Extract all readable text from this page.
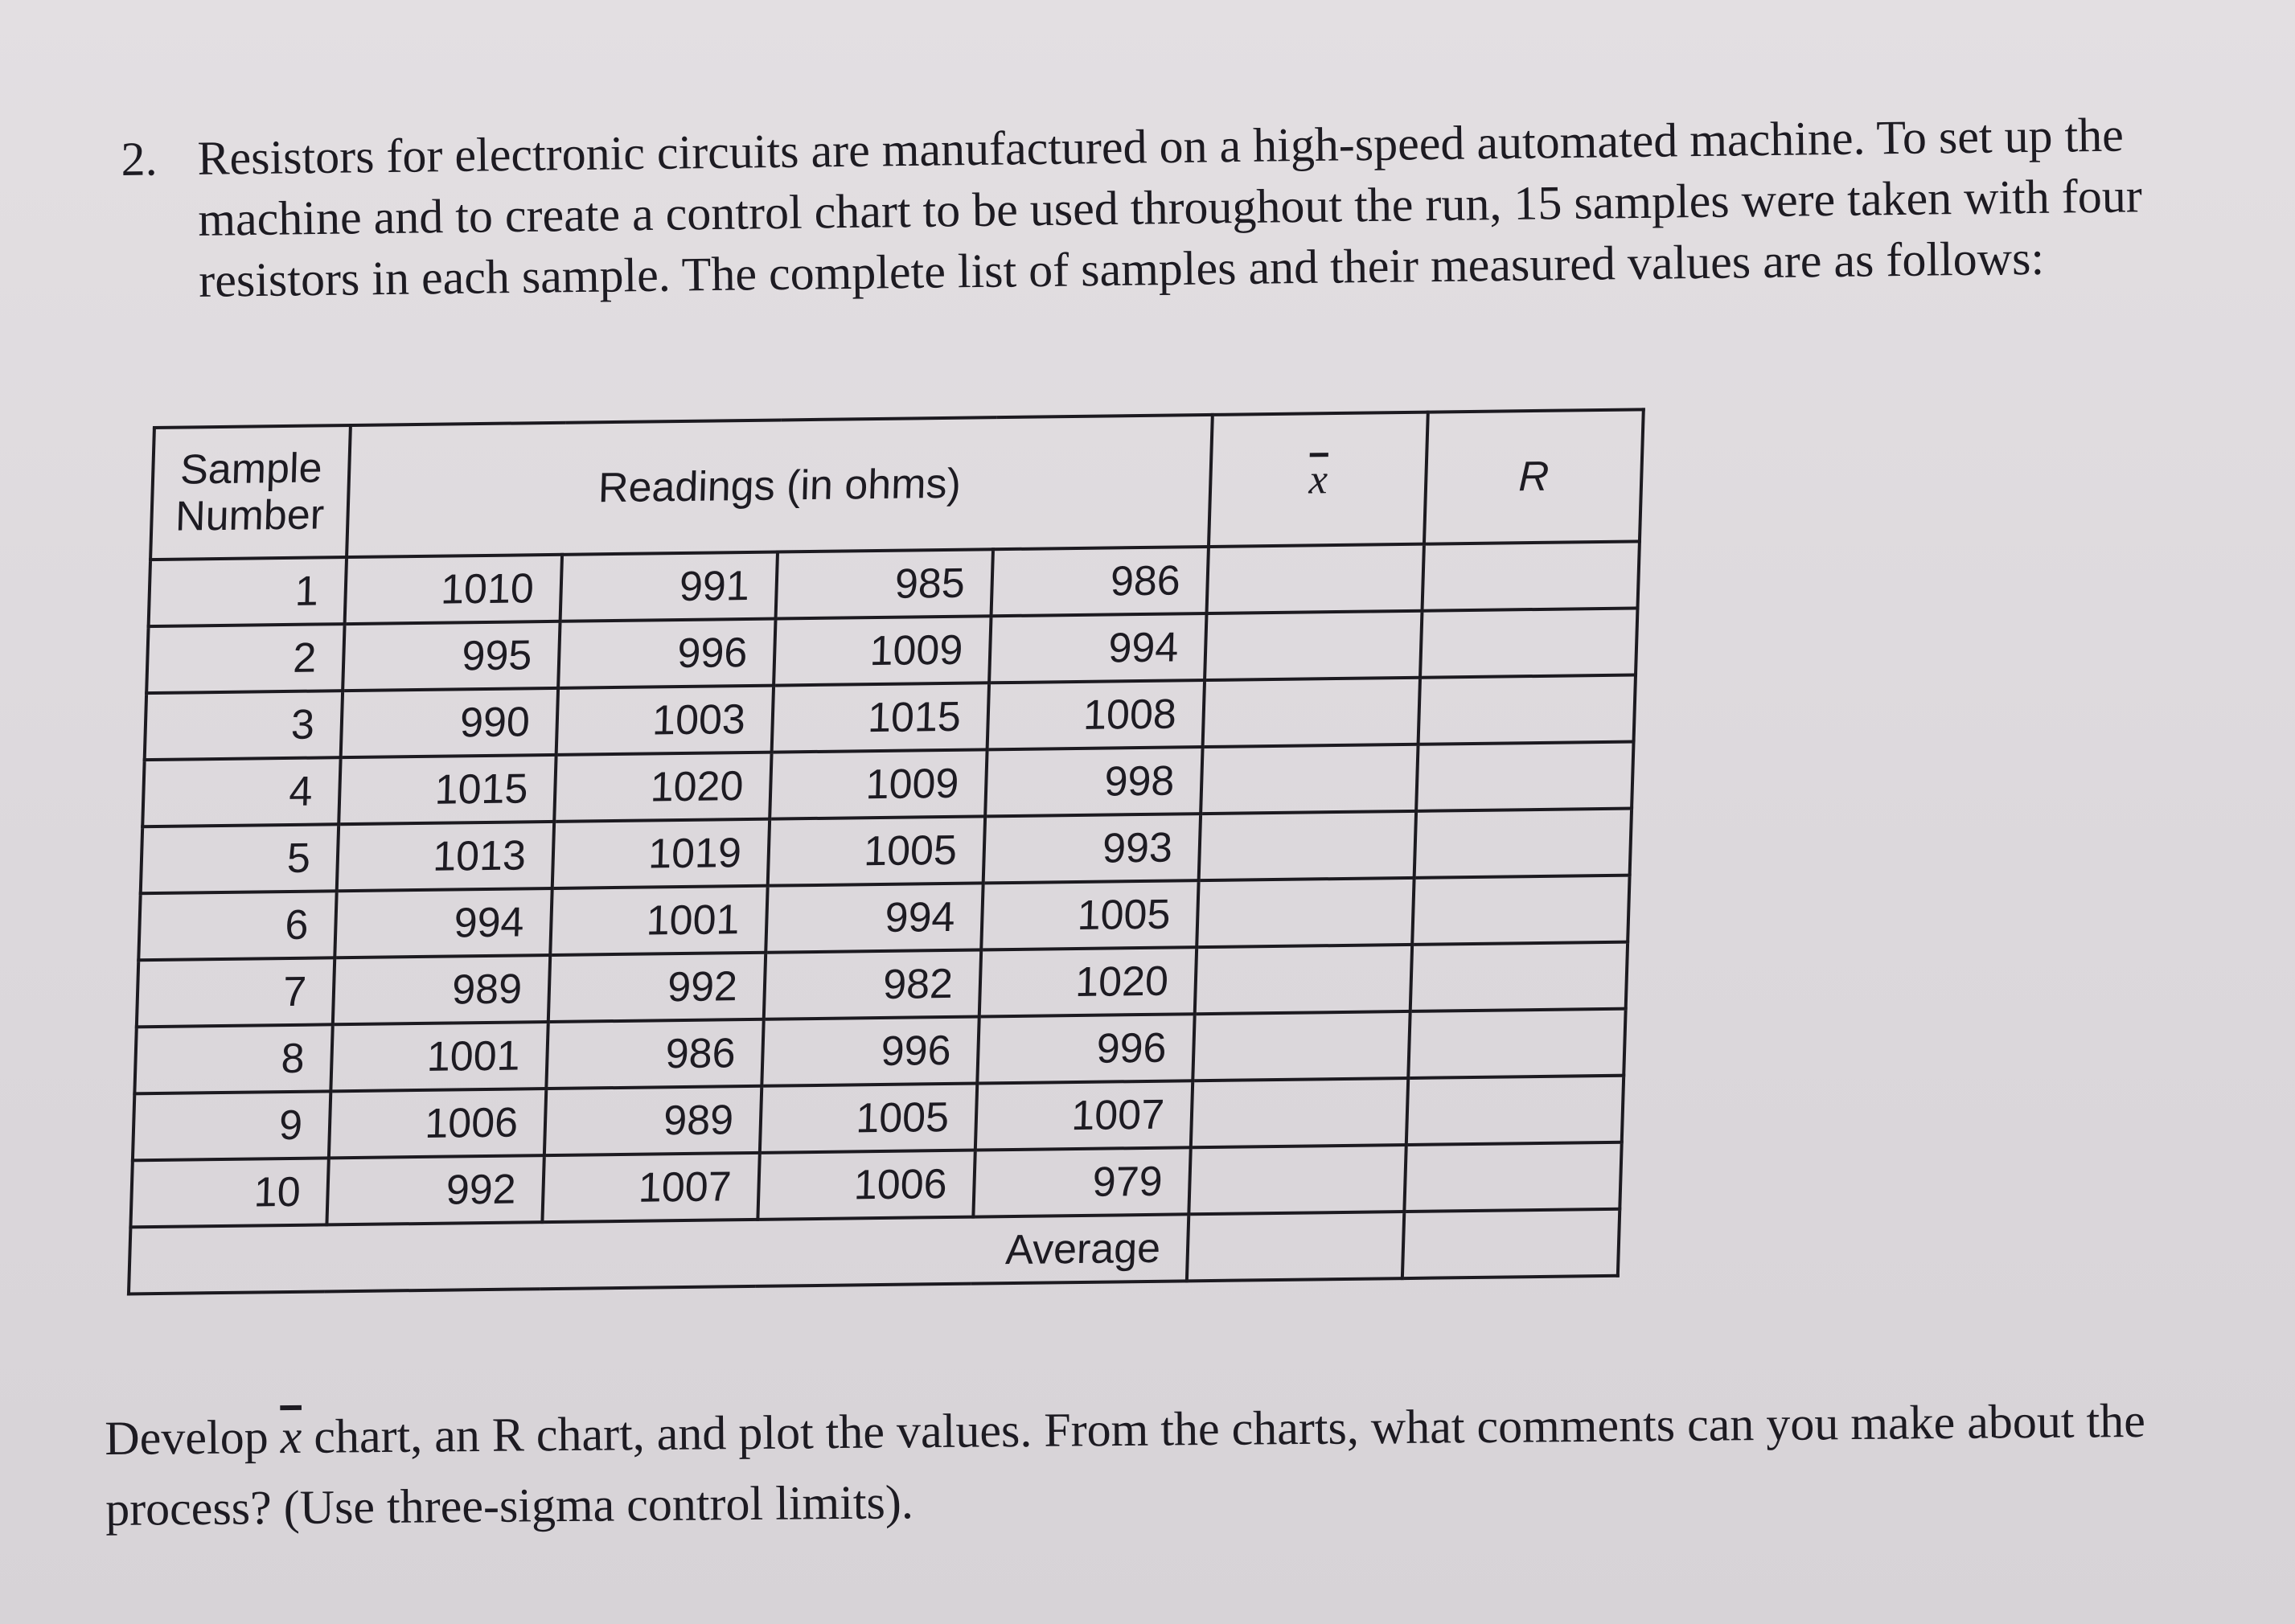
2. Resistors for electronic circuits are manufactured on a high-speed automated machine. To set up the machine and to create a control chart to be used throughout the run, 15 samples were taken with four resistors in each sample. The complete list of samples and their measured values are as follows:
Sample
Number	Readings (in ohms)				$\overline{x}$	R
1	1010	991	985	986		
2	995	996	1009	994		
3	990	1003	1015	1008		
4	1015	1020	1009	998		
5	1013	1019	1005	993		
6	994	1001	994	1005		
7	989	992	982	1020		
8	1001	986	996	996		
9	1006	989	1005	1007		
10	992	1007	1006	979		
Average						
Develop $\overline{x}$ chart, an R chart, and plot the values. From the charts, what comments can you make about the process? (Use three-sigma control limits).
